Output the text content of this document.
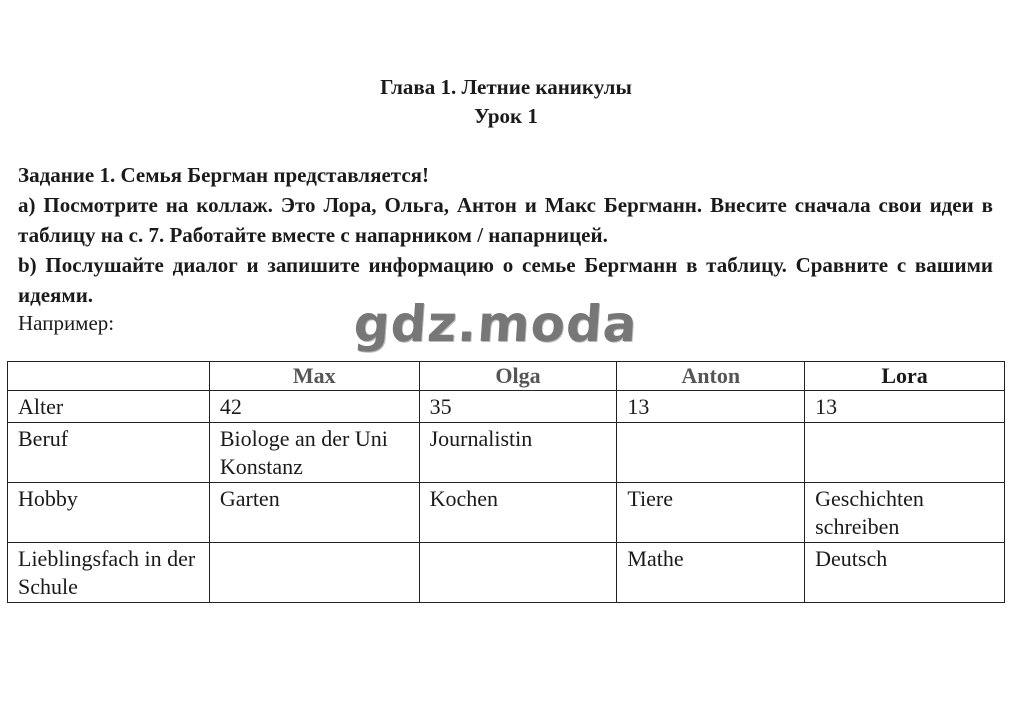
Глава 1. Летние каникулы
Урок 1
Задание 1. Семья Бергман представляется!
a) Посмотрите на коллаж. Это Лора, Ольга, Антон и Макс Бергманн. Внесите сначала свои идеи в таблицу на с. 7. Работайте вместе с напарником / напарницей.
b) Послушайте диалог и запишите информацию о семье Бергманн в таблицу. Сравните с вашими идеями.
Например:
	Max	Olga	Anton	Lora
Alter	42	35	13	13
Beruf	Biologe an der Uni Konstanz	Journalistin		
Hobby	Garten	Kochen	Tiere	Geschichten schreiben
Lieblingsfach in der Schule			Mathe	Deutsch
gdz.moda
